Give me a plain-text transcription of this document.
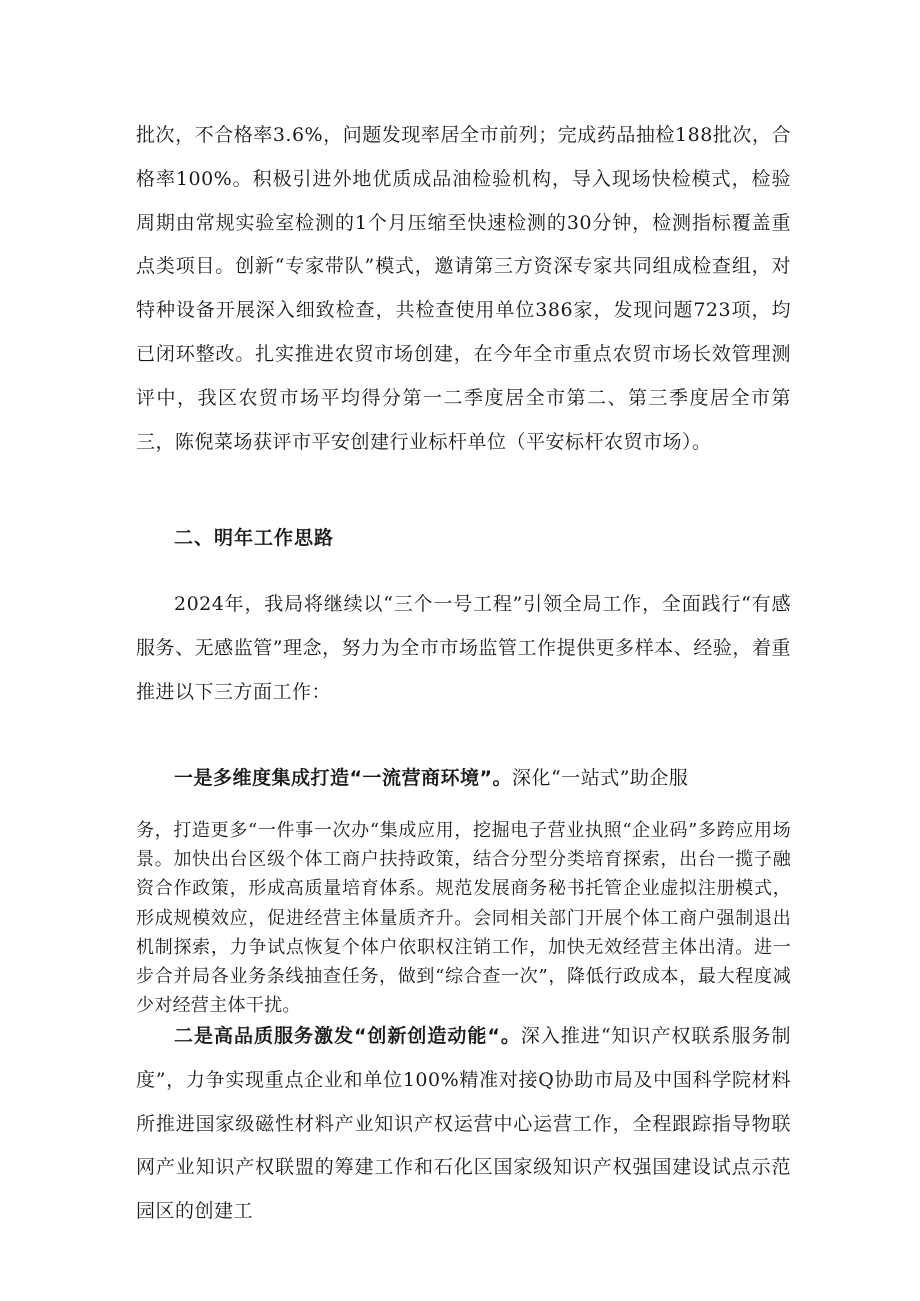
批次，不合格率3.6%，问题发现率居全市前列；完成药品抽检188批次，合格率100%。积极引进外地优质成品油检验机构，导入现场快检模式，检验周期由常规实验室检测的1个月压缩至快速检测的30分钟，检测指标覆盖重点类项目。创新“专家带队”模式，邀请第三方资深专家共同组成检查组，对特种设备开展深入细致检查，共检查使用单位386家，发现问题723项，均已闭环整改。扎实推进农贸市场创建，在今年全市重点农贸市场长效管理测评中，我区农贸市场平均得分第一二季度居全市第二、第三季度居全市第三，陈倪菜场获评市平安创建行业标杆单位（平安标杆农贸市场）。

二、明年工作思路

2024年，我局将继续以“三个一号工程”引领全局工作，全面践行“有感服务、无感监管”理念，努力为全市市场监管工作提供更多样本、经验，着重推进以下三方面工作：

一是多维度集成打造“一流营商环境”。深化“一站式”助企服

务，打造更多“一件事一次办“集成应用，挖掘电子营业执照“企业码”多跨应用场景。加快出台区级个体工商户扶持政策，结合分型分类培育探索，出台一揽子融资合作政策，形成高质量培育体系。规范发展商务秘书托管企业虚拟注册模式，形成规模效应，促进经营主体量质齐升。会同相关部门开展个体工商户强制退出机制探索，力争试点恢复个体户依职权注销工作，加快无效经营主体出清。进一步合并局各业务条线抽查任务，做到“综合查一次”，降低行政成本，最大程度减少对经营主体干扰。

二是高品质服务激发“创新创造动能“。深入推进“知识产权联系服务制度”，力争实现重点企业和单位100%精准对接Q协助市局及中国科学院材料所推进国家级磁性材料产业知识产权运营中心运营工作，全程跟踪指导物联网产业知识产权联盟的筹建工作和石化区国家级知识产权强国建设试点示范园区的创建工
